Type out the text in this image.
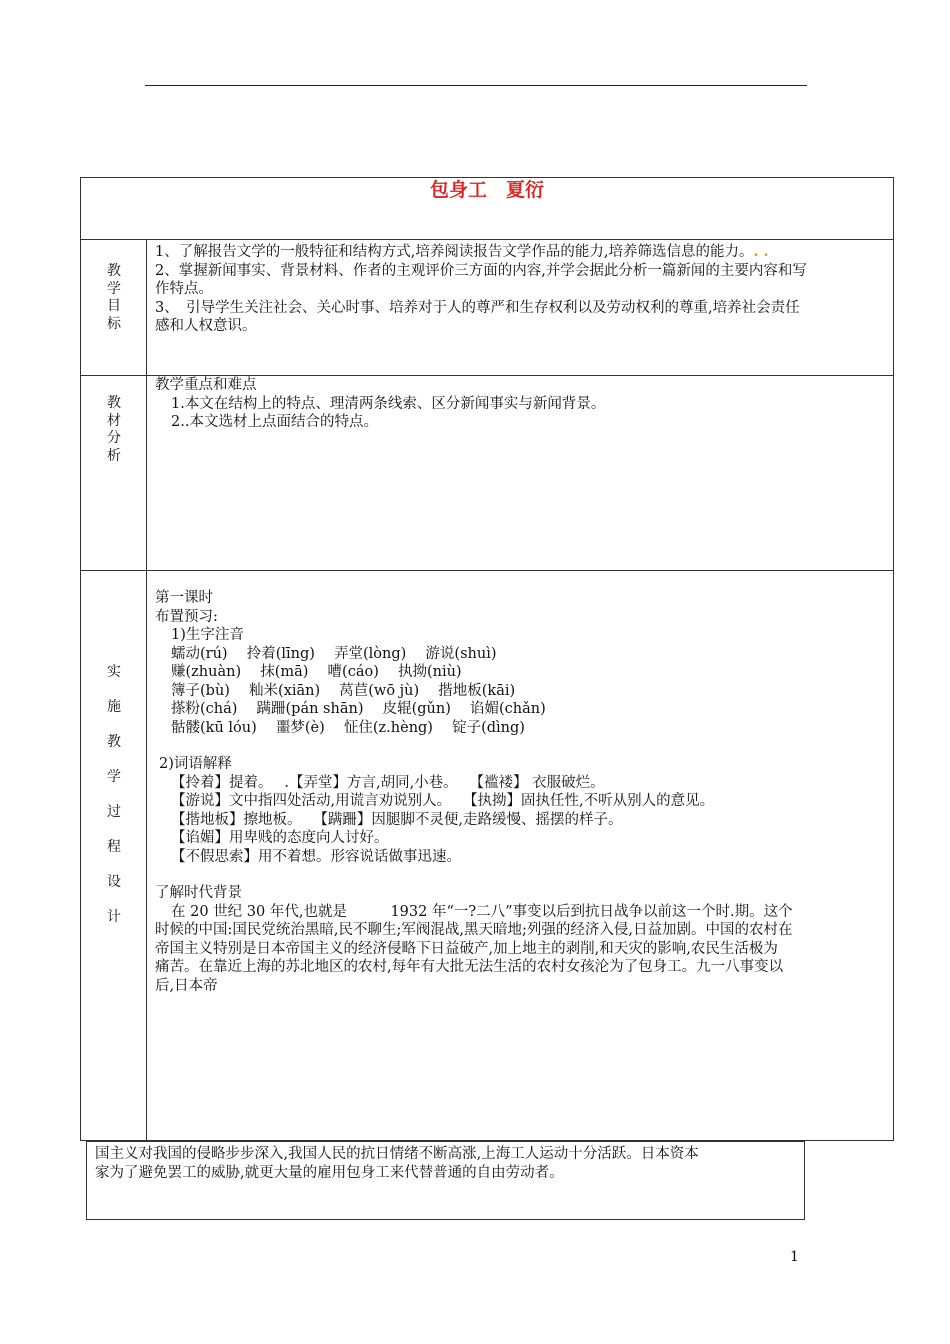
包身工　夏衍
教
学
目
标
1、了解报告文学的一般特征和结构方式,培养阅读报告文学作品的能力,培养筛选信息的能力。. .
2、掌握新闻事实、背景材料、作者的主观评价三方面的内容,并学会据此分析一篇新闻的主要内容和写
作特点。
3、　引导学生关注社会、关心时事、培养对于人的尊严和生存权利以及劳动权利的尊重,培养社会责任
感和人权意识。
教
材
分
析
教学重点和难点
1.本文在结构上的特点、理清两条线索、区分新闻事实与新闻背景。
2..本文选材上点面结合的特点。
实
施
教
学
过
程
设
计
第一课时
布置预习:
1)生字注音
蠕动(rú)　 拎着(līng)　 弄堂(lòng)　 游说(shuì)
赚(zhuàn)　 抹(mā)　 嘈(cáo)　 执拗(niù)
簿子(bù)　 籼米(xiān)　 莴苣(wō jù)　 揩地板(kāi)
搽粉(chá)　 蹒跚(pán shān)　 皮辊(gǔn)　 谄媚(chǎn)
骷髅(kū lóu)　 噩梦(è)　 怔住(z.hèng)　 锭子(dìng)
2)词语解释
【拎着】提着。　 .【弄堂】方言,胡同,小巷。　 【褴褛】 衣服破烂。
【游说】文中指四处活动,用谎言劝说别人。　 【执拗】固执任性,不听从别人的意见。
【揩地板】擦地板。　 【蹒跚】因腿脚不灵便,走路缓慢、摇摆的样子。
【谄媚】用卑贱的态度向人讨好。
【不假思索】用不着想。形容说话做事迅速。
了解时代背景
在 20 世纪 30 年代,也就是　　　1932 年“一?二八”事变以后到抗日战争以前这一个时.期。这个
时候的中国:国民党统治黑暗,民不聊生;军阀混战,黑天暗地;列强的经济入侵,日益加剧。中国的农村在
帝国主义特别是日本帝国主义的经济侵略下日益破产,加上地主的剥削,和天灾的影响,农民生活极为
痛苦。在靠近上海的苏北地区的农村,每年有大批无法生活的农村女孩沦为了包身工。九一八事变以
后,日本帝
国主义对我国的侵略步步深入,我国人民的抗日情绪不断高涨,上海工人运动十分活跃。日本资本
家为了避免罢工的威胁,就更大量的雇用包身工来代替普通的自由劳动者。
1
